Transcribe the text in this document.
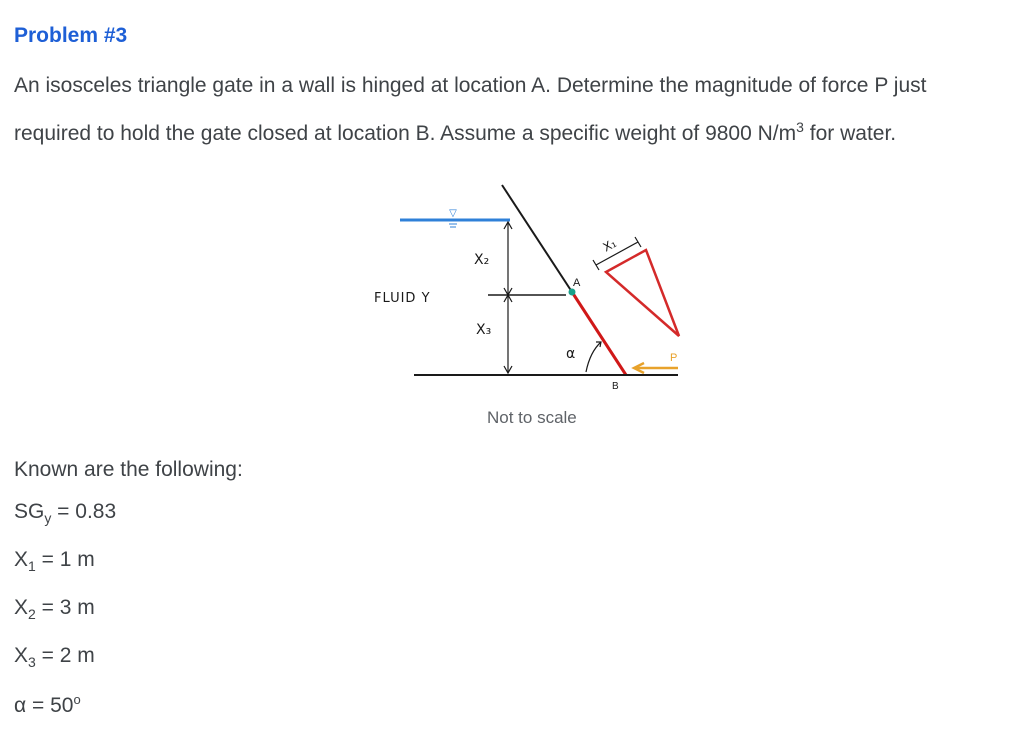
Problem #3

An isosceles triangle gate in a wall is hinged at location A. Determine the magnitude of force P just required to hold the gate closed at location B. Assume a specific weight of 9800 $N/m^3$ for water.

▽
A
X₂
X₃
FLUID Y
α
B
P
X₁

Not to scale

Known are the following:

$SG_y = 0.83$
$X_1 = 1$ m
$X_2 = 3$ m
$X_3 = 2$ m
$\alpha = 50^o$
